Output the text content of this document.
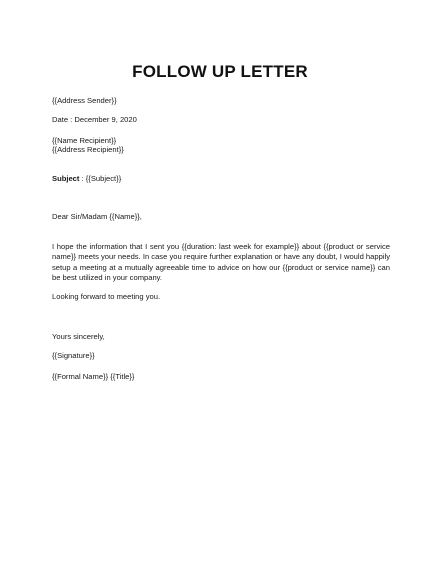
FOLLOW UP LETTER
{{Address Sender}}
Date : December 9, 2020
{{Name Recipient}}
{{Address Recipient}}
Subject : {{Subject}}
Dear Sir/Madam {{Name}},
I hope the information that I sent you {{duration: last week for example}} about {{product or service name}} meets your needs. In case you require further explanation or have any doubt, I would happily setup a meeting at a mutually agreeable time to advice on how our {{product or service name}} can be best utilized in your company.
Looking forward to meeting you.
Yours sincerely,
{{Signature}}
{{Formal Name}} {{Title}}
